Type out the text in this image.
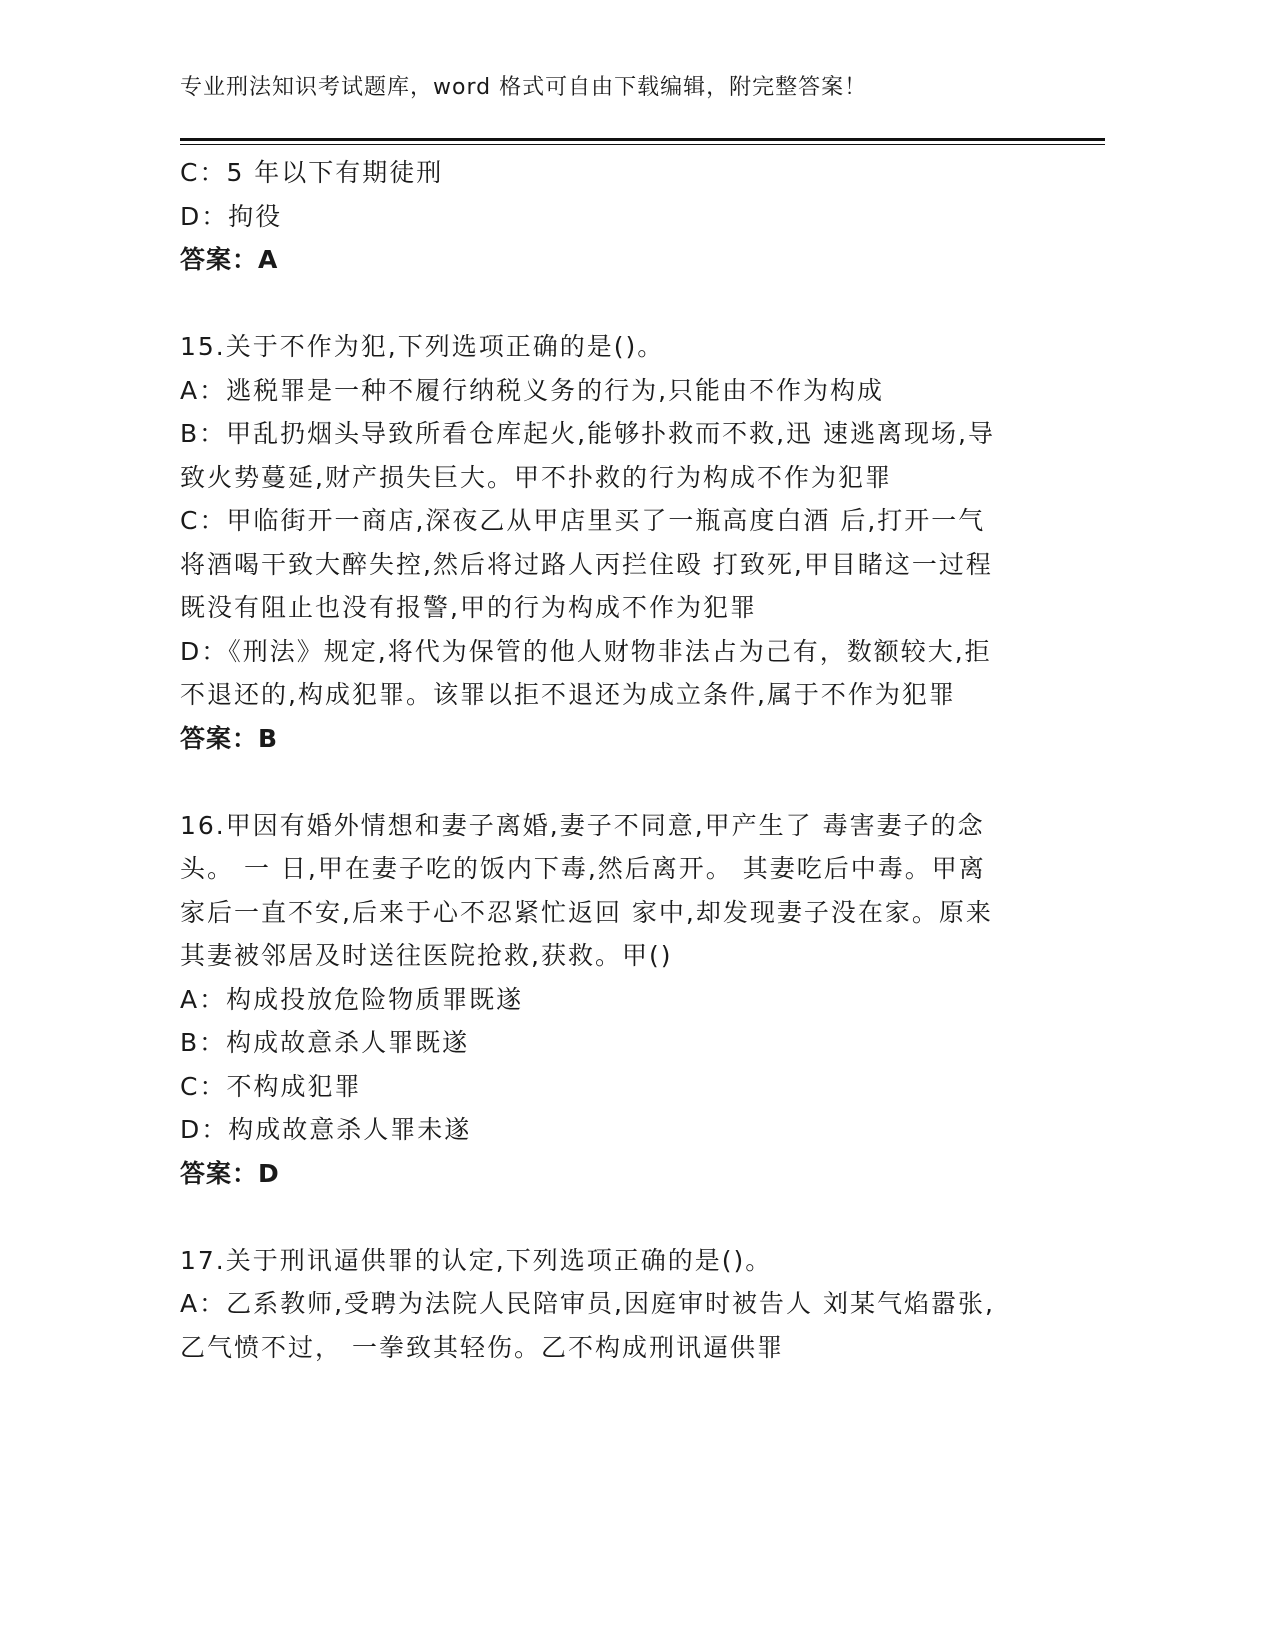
专业刑法知识考试题库，word 格式可自由下载编辑，附完整答案！
C：5 年以下有期徒刑
D：拘役
答案：A
15.关于不作为犯,下列选项正确的是()。
A：逃税罪是一种不履行纳税义务的行为,只能由不作为构成
B：甲乱扔烟头导致所看仓库起火,能够扑救而不救,迅 速逃离现场,导
致火势蔓延,财产损失巨大。甲不扑救的行为构成不作为犯罪
C：甲临街开一商店,深夜乙从甲店里买了一瓶高度白酒 后,打开一气
将酒喝干致大醉失控,然后将过路人丙拦住殴 打致死,甲目睹这一过程
既没有阻止也没有报警,甲的行为构成不作为犯罪
D：《刑法》规定,将代为保管的他人财物非法占为己有，数额较大,拒
不退还的,构成犯罪。该罪以拒不退还为成立条件,属于不作为犯罪
答案：B
16.甲因有婚外情想和妻子离婚,妻子不同意,甲产生了 毒害妻子的念
头。 一 日,甲在妻子吃的饭内下毒,然后离开。 其妻吃后中毒。甲离
家后一直不安,后来于心不忍紧忙返回 家中,却发现妻子没在家。原来
其妻被邻居及时送往医院抢救,获救。甲()
A：构成投放危险物质罪既遂
B：构成故意杀人罪既遂
C：不构成犯罪
D：构成故意杀人罪未遂
答案：D
17.关于刑讯逼供罪的认定,下列选项正确的是()。
A：乙系教师,受聘为法院人民陪审员,因庭审时被告人 刘某气焰嚣张,
乙气愤不过， 一拳致其轻伤。乙不构成刑讯逼供罪
